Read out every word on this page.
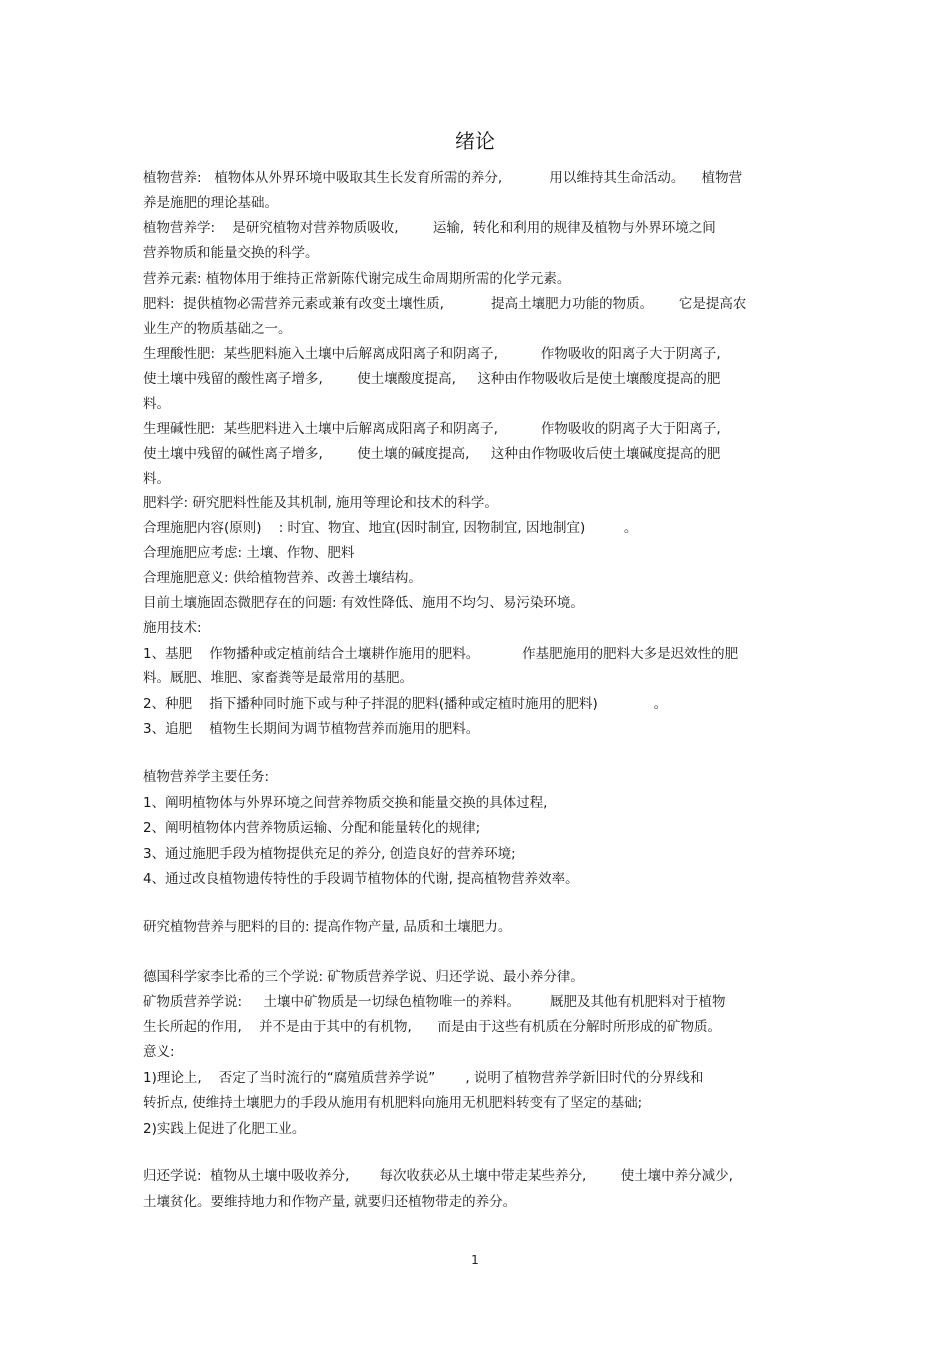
绪论
植物营养:   植物体从外界环境中吸取其生长发育所需的养分,           用以维持其生命活动。    植物营
养是施肥的理论基础。
植物营养学:    是研究植物对营养物质吸收,        运输,  转化和利用的规律及植物与外界环境之间
营养物质和能量交换的科学。
营养元素: 植物体用于维持正常新陈代谢完成生命周期所需的化学元素。
肥料:  提供植物必需营养元素或兼有改变土壤性质,           提高土壤肥力功能的物质。      它是提高农
业生产的物质基础之一。
生理酸性肥:  某些肥料施入土壤中后解离成阳离子和阴离子,          作物吸收的阳离子大于阴离子,
使土壤中残留的酸性离子增多,        使土壤酸度提高,     这种由作物吸收后是使土壤酸度提高的肥
料。
生理碱性肥:  某些肥料进入土壤中后解离成阳离子和阴离子,          作物吸收的阴离子大于阳离子,
使土壤中残留的碱性离子增多,        使土壤的碱度提高,     这种由作物吸收后使土壤碱度提高的肥
料。
肥料学: 研究肥料性能及其机制, 施用等理论和技术的科学。
合理施肥内容(原则)    : 时宜、物宜、地宜(因时制宜, 因物制宜, 因地制宜)         。
合理施肥应考虑: 土壤、作物、肥料
合理施肥意义: 供给植物营养、改善土壤结构。
目前土壤施固态微肥存在的问题: 有效性降低、施用不均匀、易污染环境。
施用技术:
1、基肥    作物播种或定植前结合土壤耕作施用的肥料。          作基肥施用的肥料大多是迟效性的肥
料。厩肥、堆肥、家畜粪等是最常用的基肥。
2、种肥    指下播种同时施下或与种子拌混的肥料(播种或定植时施用的肥料)             。
3、追肥    植物生长期间为调节植物营养而施用的肥料。
植物营养学主要任务:
1、阐明植物体与外界环境之间营养物质交换和能量交换的具体过程,
2、阐明植物体内营养物质运输、分配和能量转化的规律;
3、通过施肥手段为植物提供充足的养分, 创造良好的营养环境;
4、通过改良植物遗传特性的手段调节植物体的代谢, 提高植物营养效率。
研究植物营养与肥料的目的: 提高作物产量, 品质和土壤肥力。
德国科学家李比希的三个学说: 矿物质营养学说、归还学说、最小养分律。
矿物质营养学说:     土壤中矿物质是一切绿色植物唯一的养料。       厩肥及其他有机肥料对于植物
生长所起的作用,    并不是由于其中的有机物,      而是由于这些有机质在分解时所形成的矿物质。
意义:
1)理论上,    否定了当时流行的“腐殖质营养学说”       , 说明了植物营养学新旧时代的分界线和
转折点, 使维持土壤肥力的手段从施用有机肥料向施用无机肥料转变有了坚定的基础;
2)实践上促进了化肥工业。
归还学说:  植物从土壤中吸收养分,       每次收获必从土壤中带走某些养分,        使土壤中养分减少,
土壤贫化。要维持地力和作物产量, 就要归还植物带走的养分。
1
